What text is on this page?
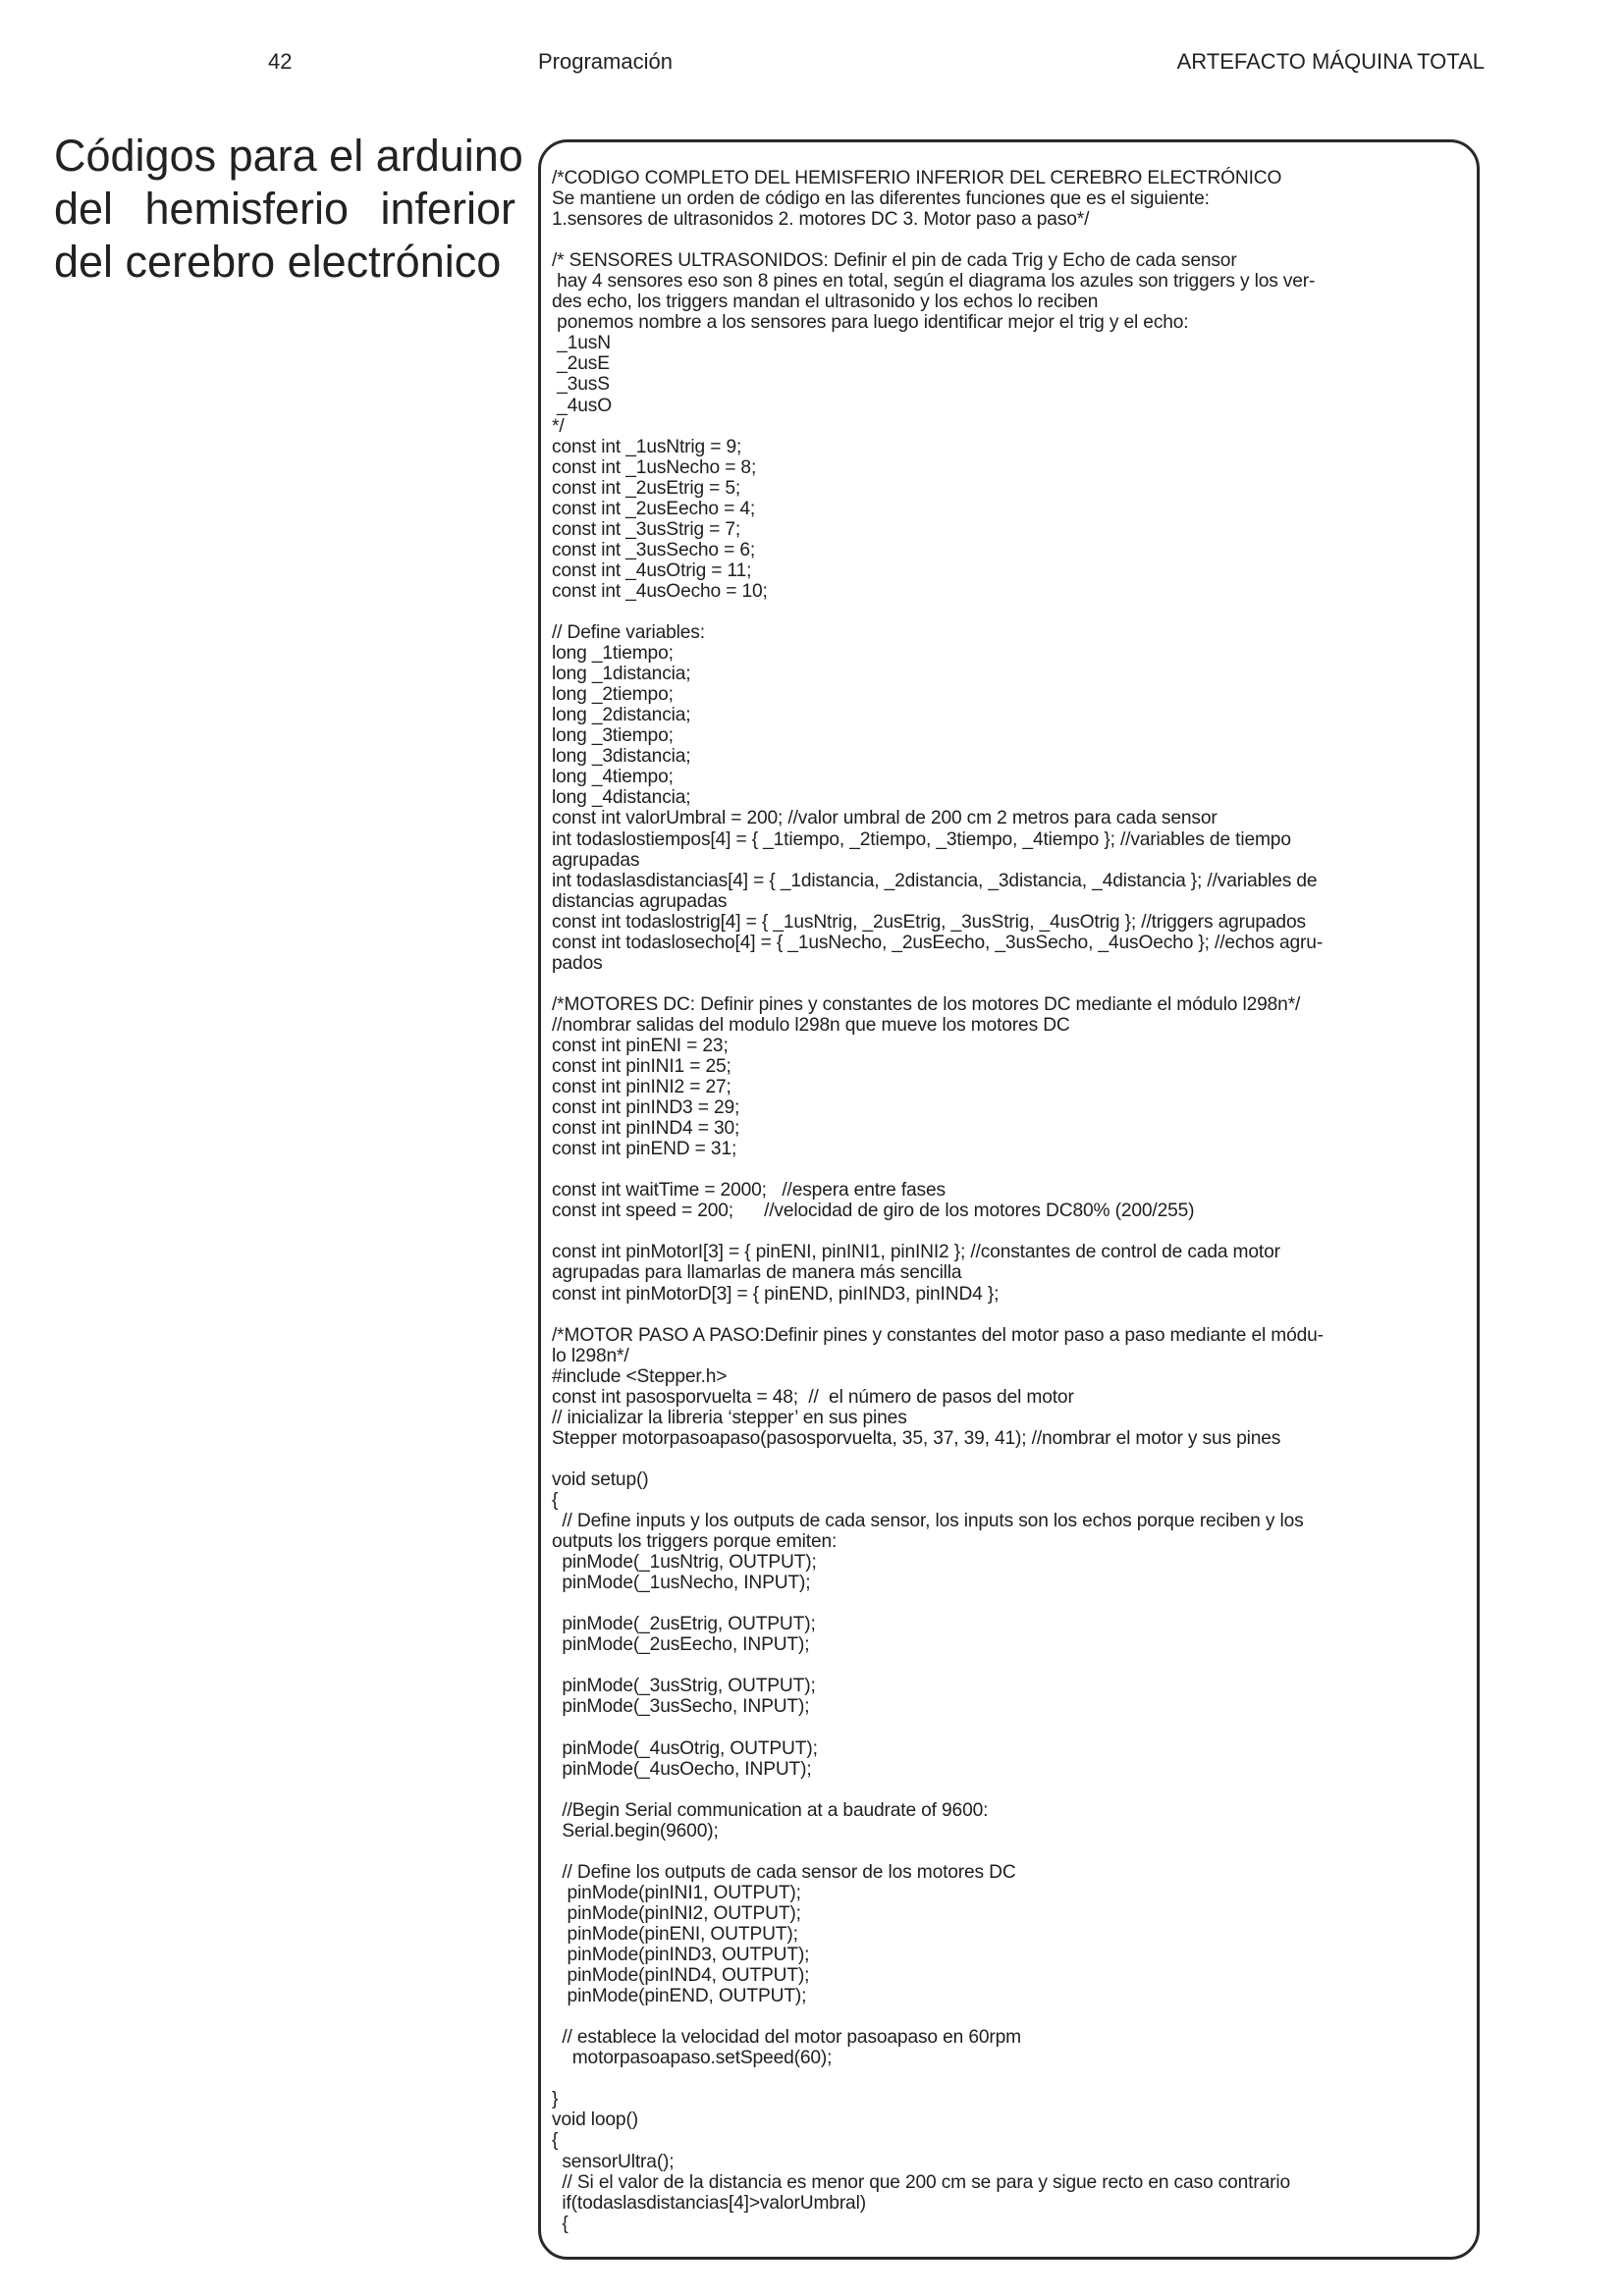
42	Programación	ARTEFACTO MÁQUINA TOTAL
Códigos para el arduino
del hemisferio inferior
del cerebro electrónico
/*CODIGO COMPLETO DEL HEMISFERIO INFERIOR DEL CEREBRO ELECTRÓNICO
Se mantiene un orden de código en las diferentes funciones que es el siguiente:
1.sensores de ultrasonidos 2. motores DC 3. Motor paso a paso*/
/* SENSORES ULTRASONIDOS: Definir el pin de cada Trig y Echo de cada sensor
hay 4 sensores eso son 8 pines en total, según el diagrama los azules son triggers y los ver-
des echo, los triggers mandan el ultrasonido y los echos lo reciben
ponemos nombre a los sensores para luego identificar mejor el trig y el echo:
_1usN
_2usE
_3usS
_4usO
*/
const int _1usNtrig = 9;
const int _1usNecho = 8;
const int _2usEtrig = 5;
const int _2usEecho = 4;
const int _3usStrig = 7;
const int _3usSecho = 6;
const int _4usOtrig = 11;
const int _4usOecho = 10;
// Define variables:
long _1tiempo;
long _1distancia;
long _2tiempo;
long _2distancia;
long _3tiempo;
long _3distancia;
long _4tiempo;
long _4distancia;
const int valorUmbral = 200; //valor umbral de 200 cm 2 metros para cada sensor
int todaslostiempos[4] = { _1tiempo, _2tiempo, _3tiempo, _4tiempo }; //variables de tiempo
agrupadas
int todaslasdistancias[4] = { _1distancia, _2distancia, _3distancia, _4distancia }; //variables de
distancias agrupadas
const int todaslostrig[4] = { _1usNtrig, _2usEtrig, _3usStrig, _4usOtrig }; //triggers agrupados
const int todaslosecho[4] = { _1usNecho, _2usEecho, _3usSecho, _4usOecho }; //echos agru-
pados
/*MOTORES DC: Definir pines y constantes de los motores DC mediante el módulo l298n*/
//nombrar salidas del modulo l298n que mueve los motores DC
const int pinENI = 23;
const int pinINI1 = 25;
const int pinINI2 = 27;
const int pinIND3 = 29;
const int pinIND4 = 30;
const int pinEND = 31;
const int waitTime = 2000;   //espera entre fases
const int speed = 200;      //velocidad de giro de los motores DC80% (200/255)
const int pinMotorI[3] = { pinENI, pinINI1, pinINI2 }; //constantes de control de cada motor
agrupadas para llamarlas de manera más sencilla
const int pinMotorD[3] = { pinEND, pinIND3, pinIND4 };
/*MOTOR PASO A PASO:Definir pines y constantes del motor paso a paso mediante el módu-
lo l298n*/
#include <Stepper.h>
const int pasosporvuelta = 48;  //  el número de pasos del motor
// inicializar la libreria ‘stepper’ en sus pines
Stepper motorpasoapaso(pasosporvuelta, 35, 37, 39, 41); //nombrar el motor y sus pines
void setup()
{
// Define inputs y los outputs de cada sensor, los inputs son los echos porque reciben y los
outputs los triggers porque emiten:
pinMode(_1usNtrig, OUTPUT);
pinMode(_1usNecho, INPUT);
pinMode(_2usEtrig, OUTPUT);
pinMode(_2usEecho, INPUT);
pinMode(_3usStrig, OUTPUT);
pinMode(_3usSecho, INPUT);
pinMode(_4usOtrig, OUTPUT);
pinMode(_4usOecho, INPUT);
//Begin Serial communication at a baudrate of 9600:
Serial.begin(9600);
// Define los outputs de cada sensor de los motores DC
pinMode(pinINI1, OUTPUT);
pinMode(pinINI2, OUTPUT);
pinMode(pinENI, OUTPUT);
pinMode(pinIND3, OUTPUT);
pinMode(pinIND4, OUTPUT);
pinMode(pinEND, OUTPUT);
// establece la velocidad del motor pasoapaso en 60rpm
motorpasoapaso.setSpeed(60);
}
void loop()
{
sensorUltra();
// Si el valor de la distancia es menor que 200 cm se para y sigue recto en caso contrario
if(todaslasdistancias[4]>valorUmbral)
{
